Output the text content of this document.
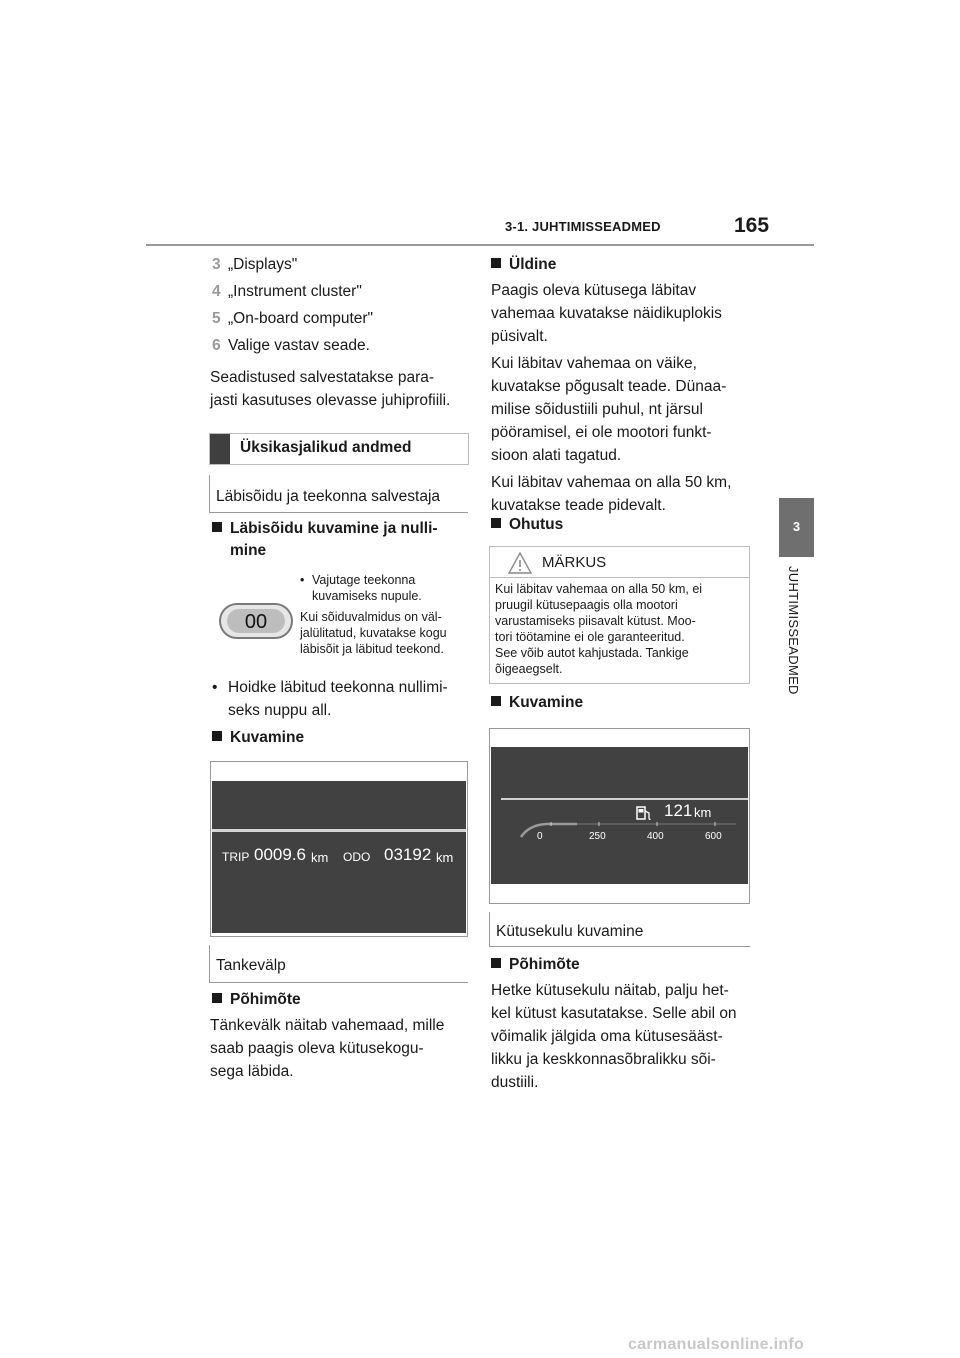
3-1. JUHTIMISSEADMED	165
3
JUHTIMISSEADMED
3 „Displays"
4 „Instrument cluster"
5 „On-board computer"
6 Valige vastav seade.
Seadistused salvestatakse para-
jasti kasutuses olevasse juhiprofiili.
Üksikasjalikud andmed
Läbisõidu ja teekonna salvestaja
Läbisõidu kuvamine ja nulli-
mine
00
• Vajutage teekonna
kuvamiseks nupule.
Kui sõiduvalmidus on väl-
jalülitatud, kuvatakse kogu
läbisõit ja läbitud teekond.
• Hoidke läbitud teekonna nullimi-
seks nuppu all.
Kuvamine
TRIP 0009.6 km ODO 03192 km
Tankevälp
Põhimõte
Tänkevälk näitab vahemaad, mille
saab paagis oleva kütusekogu-
sega läbida.
Üldine
Paagis oleva kütusega läbitav
vahemaa kuvatakse näidikuplokis
püsivalt.
Kui läbitav vahemaa on väike,
kuvatakse põgusalt teade. Dünaa-
milise sõidustiili puhul, nt järsul
pööramisel, ei ole mootori funkt-
sioon alati tagatud.
Kui läbitav vahemaa on alla 50 km,
kuvatakse teade pidevalt.
Ohutus
MÄRKUS
Kui läbitav vahemaa on alla 50 km, ei
pruugil kütusepaagis olla mootori
varustamiseks piisavalt kütust. Moo-
tori töötamine ei ole garanteeritud.
See võib autot kahjustada. Tankige
õigeaegselt.
Kuvamine
121 km
0	250	400	600
Kütusekulu kuvamine
Põhimõte
Hetke kütusekulu näitab, palju het-
kel kütust kasutatakse. Selle abil on
võimalik jälgida oma kütusesääst-
likku ja keskkonnasõbralikku sõi-
dustiili.
carmanualsonline.info
